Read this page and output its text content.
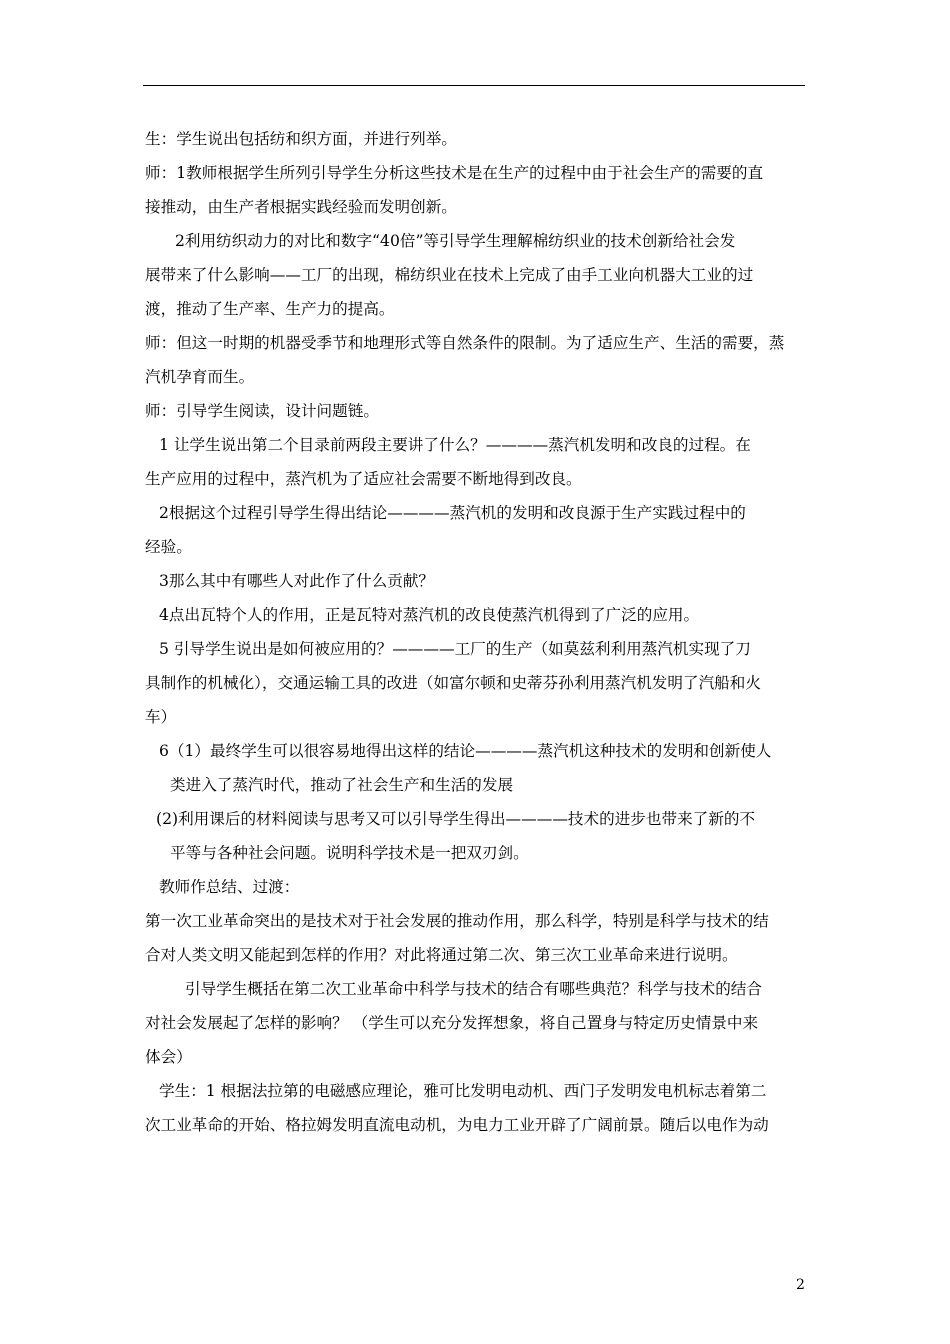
生：学生说出包括纺和织方面，并进行列举。

师：1教师根据学生所列引导学生分析这些技术是在生产的过程中由于社会生产的需要的直

接推动，由生产者根据实践经验而发明创新。

2利用纺织动力的对比和数字“40倍”等引导学生理解棉纺织业的技术创新给社会发

展带来了什么影响——工厂的出现，棉纺织业在技术上完成了由手工业向机器大工业的过

渡，推动了生产率、生产力的提高。

师：但这一时期的机器受季节和地理形式等自然条件的限制。为了适应生产、生活的需要，蒸

汽机孕育而生。

师：引导学生阅读，设计问题链。

1 让学生说出第二个目录前两段主要讲了什么？————蒸汽机发明和改良的过程。在

生产应用的过程中，蒸汽机为了适应社会需要不断地得到改良。

2根据这个过程引导学生得出结论————蒸汽机的发明和改良源于生产实践过程中的

经验。

3那么其中有哪些人对此作了什么贡献？

4点出瓦特个人的作用，正是瓦特对蒸汽机的改良使蒸汽机得到了广泛的应用。

5 引导学生说出是如何被应用的？————工厂的生产（如莫兹利利用蒸汽机实现了刀

具制作的机械化），交通运输工具的改进（如富尔顿和史蒂芬孙利用蒸汽机发明了汽船和火

车）

6（1）最终学生可以很容易地得出这样的结论————蒸汽机这种技术的发明和创新使人

类进入了蒸汽时代，推动了社会生产和生活的发展

(2)利用课后的材料阅读与思考又可以引导学生得出————技术的进步也带来了新的不

平等与各种社会问题。说明科学技术是一把双刃剑。

教师作总结、过渡：

第一次工业革命突出的是技术对于社会发展的推动作用，那么科学，特别是科学与技术的结

合对人类文明又能起到怎样的作用？对此将通过第二次、第三次工业革命来进行说明。

引导学生概括在第二次工业革命中科学与技术的结合有哪些典范？科学与技术的结合

对社会发展起了怎样的影响？ （学生可以充分发挥想象，将自己置身与特定历史情景中来

体会）

学生：1 根据法拉第的电磁感应理论，雅可比发明电动机、西门子发明发电机标志着第二

次工业革命的开始、格拉姆发明直流电动机，为电力工业开辟了广阔前景。随后以电作为动

2
